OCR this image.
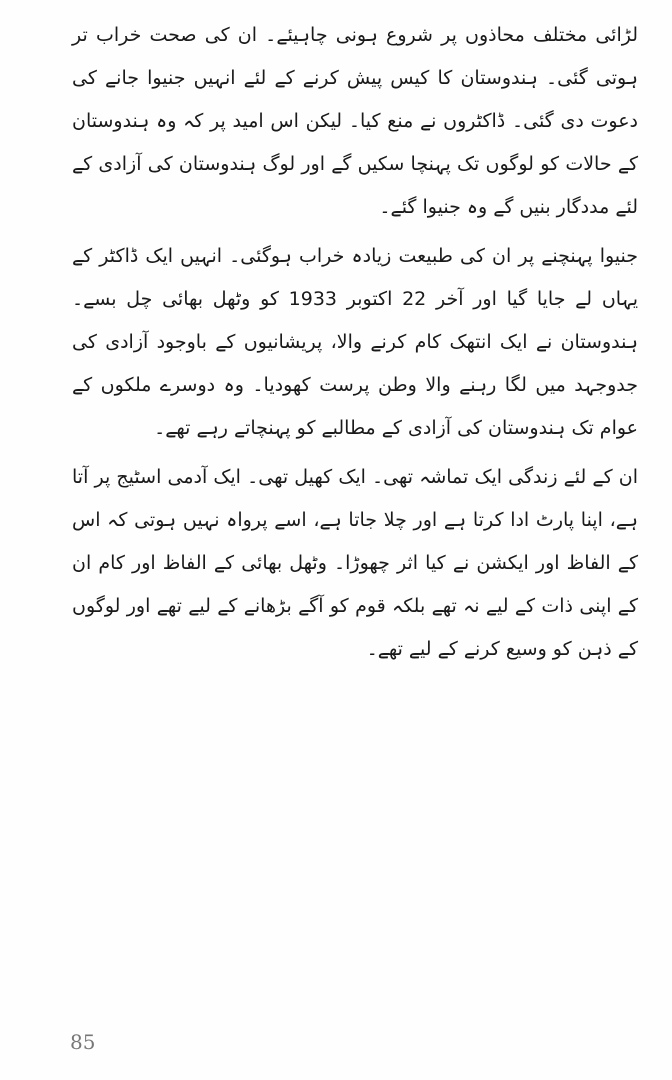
لڑائی مختلف محاذوں پر شروع ہونی چاہیئے۔ ان کی صحت خراب تر ہوتی گئی۔ ہندوستان کا کیس پیش کرنے کے لئے انہیں جنیوا جانے کی دعوت دی گئی۔ ڈاکٹروں نے منع کیا۔ لیکن اس امید پر کہ وہ ہندوستان کے حالات کو لوگوں تک پہنچا سکیں گے اور لوگ ہندوستان کی آزادی کے لئے مددگار بنیں گے وہ جنیوا گئے۔

جنیوا پہنچنے پر ان کی طبیعت زیادہ خراب ہوگئی۔ انہیں ایک ڈاکٹر کے یہاں لے جایا گیا اور آخر 22 اکتوبر 1933 کو وٹھل بھائی چل بسے۔ ہندوستان نے ایک انتھک کام کرنے والا، پریشانیوں کے باوجود آزادی کی جدوجہد میں لگا رہنے والا وطن پرست کھودیا۔ وہ دوسرے ملکوں کے عوام تک ہندوستان کی آزادی کے مطالبے کو پہنچاتے رہے تھے۔

ان کے لئے زندگی ایک تماشہ تھی۔ ایک کھیل تھی۔ ایک آدمی اسٹیج پر آتا ہے، اپنا پارٹ ادا کرتا ہے اور چلا جاتا ہے، اسے پرواہ نہیں ہوتی کہ اس کے الفاظ اور ایکشن نے کیا اثر چھوڑا۔ وٹھل بھائی کے الفاظ اور کام ان کے اپنی ذات کے لیے نہ تھے بلکہ قوم کو آگے بڑھانے کے لیے تھے اور لوگوں کے ذہن کو وسیع کرنے کے لیے تھے۔

85
